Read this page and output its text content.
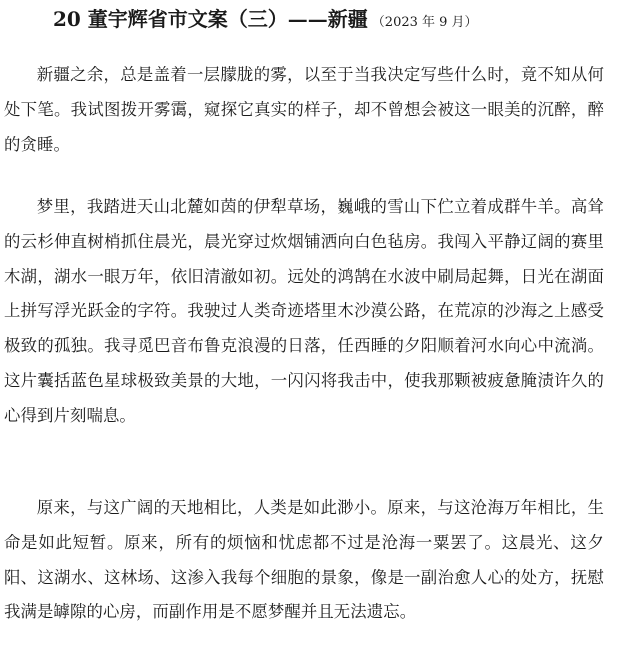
20 董宇辉省市文案（三）——新疆 （2023 年 9 月）

新疆之余，总是盖着一层朦胧的雾，以至于当我决定写些什么时，竟不知从何处下笔。我试图拨开雾霭，窥探它真实的样子，却不曾想会被这一眼美的沉醉，醉的贪睡。

梦里，我踏进天山北麓如茵的伊犁草场，巍峨的雪山下伫立着成群牛羊。高耸的云杉伸直树梢抓住晨光，晨光穿过炊烟铺洒向白色毡房。我闯入平静辽阔的赛里木湖，湖水一眼万年，依旧清澈如初。远处的鸿鹄在水波中刷局起舞，日光在湖面上拼写浮光跃金的字符。我驶过人类奇迹塔里木沙漠公路，在荒凉的沙海之上感受极致的孤独。我寻觅巴音布鲁克浪漫的日落，任西睡的夕阳顺着河水向心中流淌。这片囊括蓝色星球极致美景的大地，一闪闪将我击中，使我那颗被疲惫腌渍许久的心得到片刻喘息。

原来，与这广阔的天地相比，人类是如此渺小。原来，与这沧海万年相比，生命是如此短暂。原来，所有的烦恼和忧虑都不过是沧海一粟罢了。这晨光、这夕阳、这湖水、这林场、这渗入我每个细胞的景象，像是一副治愈人心的处方，抚慰我满是罅隙的心房，而副作用是不愿梦醒并且无法遗忘。
